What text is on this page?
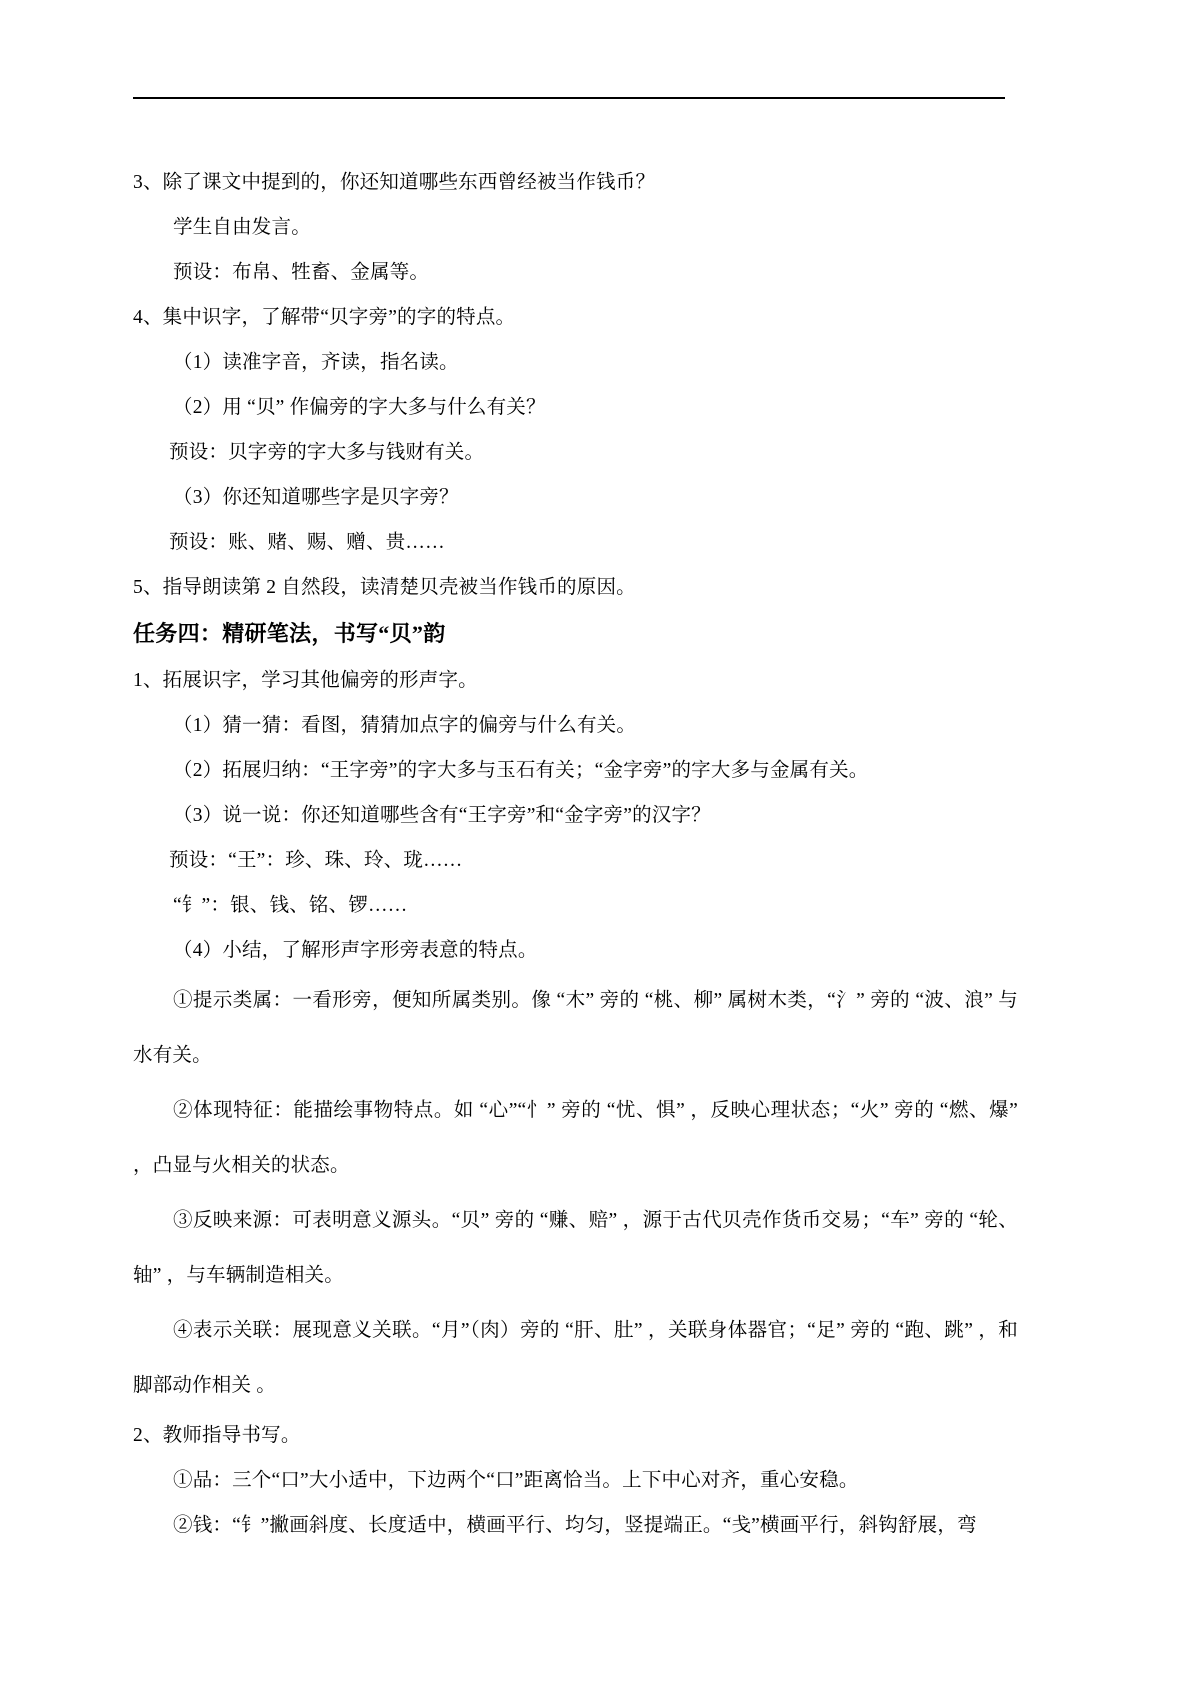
3、除了课文中提到的，你还知道哪些东西曾经被当作钱币？

学生自由发言。

预设：布帛、牲畜、金属等。

4、集中识字，了解带“贝字旁”的字的特点。

（1）读准字音，齐读，指名读。

（2）用 “贝” 作偏旁的字大多与什么有关？

预设：贝字旁的字大多与钱财有关。

（3）你还知道哪些字是贝字旁？

预设：账、赌、赐、赠、贵……

5、指导朗读第 2 自然段，读清楚贝壳被当作钱币的原因。

任务四：精研笔法，书写“贝”韵

1、拓展识字，学习其他偏旁的形声字。

（1）猜一猜：看图，猜猜加点字的偏旁与什么有关。

（2）拓展归纳：“王字旁”的字大多与玉石有关；“金字旁”的字大多与金属有关。

（3）说一说：你还知道哪些含有“王字旁”和“金字旁”的汉字？

预设：“王”：珍、珠、玲、珑……

“钅”：银、钱、铭、锣……

（4）小结，了解形声字形旁表意的特点。

①提示类属：一看形旁，便知所属类别。像 “木” 旁的 “桃、柳” 属树木类，“氵” 旁的 “波、浪” 与水有关。

②体现特征：能描绘事物特点。如 “心”“忄” 旁的 “忧、惧” ，反映心理状态；“火” 旁的 “燃、爆” ，凸显与火相关的状态。

③反映来源：可表明意义源头。“贝” 旁的 “赚、赔” ，源于古代贝壳作货币交易；“车” 旁的 “轮、轴” ，与车辆制造相关。

④表示关联：展现意义关联。“月”（肉）旁的 “肝、肚” ，关联身体器官；“足” 旁的 “跑、跳” ，和脚部动作相关 。

2、教师指导书写。

①品：三个“口”大小适中，下边两个“口”距离恰当。上下中心对齐，重心安稳。

②钱：“钅”撇画斜度、长度适中，横画平行、均匀，竖提端正。“戋”横画平行，斜钩舒展，弯
